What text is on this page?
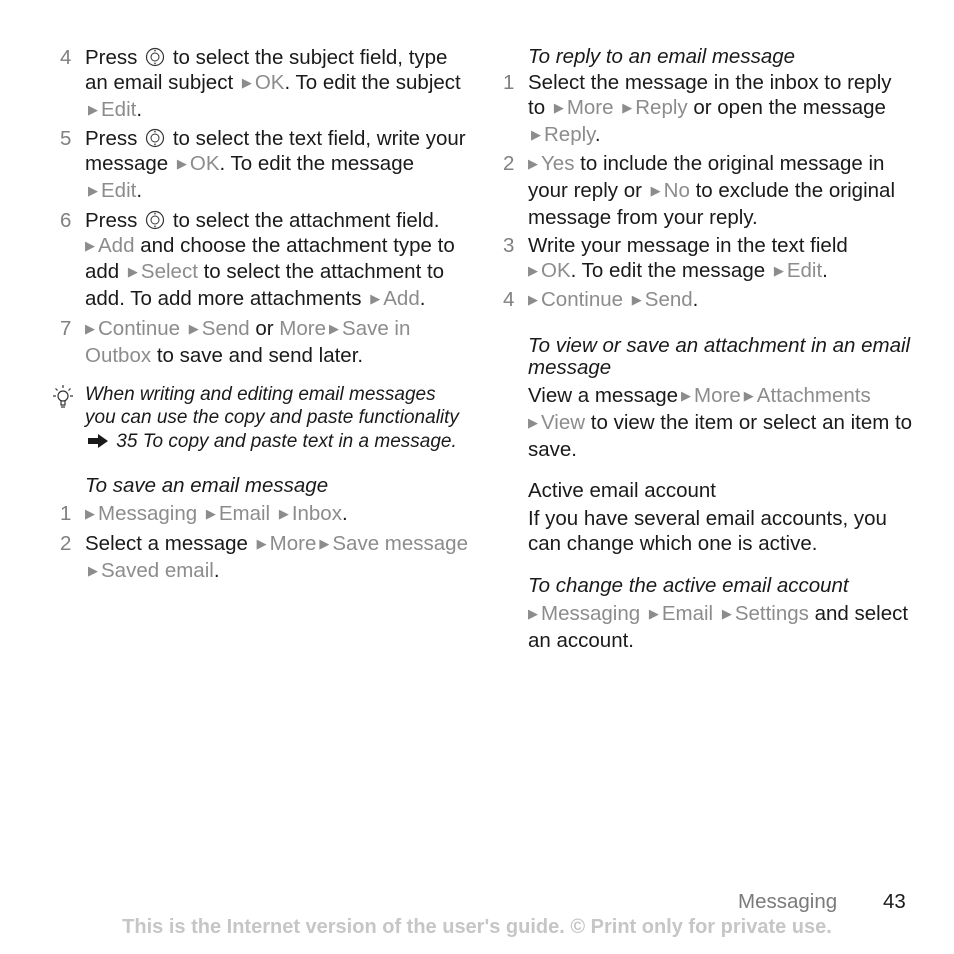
4 Press to select the subject field, type an email subject ▶ OK. To edit the subject ▶ Edit.
5 Press to select the text field, write your message ▶ OK. To edit the message ▶ Edit.
6 Press to select the attachment field.
▶ Add and choose the attachment type to add ▶ Select to select the attachment to add. To add more attachments ▶ Add.
7 ▶ Continue ▶ Send or More ▶ Save in Outbox to save and send later.
When writing and editing email messages you can use the copy and paste functionality  35 To copy and paste text in a message.

To save an email message

1 ▶ Messaging ▶ Email ▶ Inbox.
2 Select a message ▶ More ▶ Save message ▶ Saved email.

To reply to an email message

1 Select the message in the inbox to reply to ▶ More ▶ Reply or open the message ▶ Reply.
2 ▶ Yes to include the original message in your reply or ▶ No to exclude the original message from your reply.
3 Write your message in the text field
▶ OK. To edit the message ▶ Edit.
4 ▶ Continue ▶ Send.

To view or save an attachment in an email message

View a message ▶ More ▶ Attachments
▶ View to view the item or select an item to save.
Active email account
If you have several email accounts, you can change which one is active.

To change the active email account

▶ Messaging ▶ Email ▶ Settings and select an account.
Messaging 43
This is the Internet version of the user's guide. © Print only for private use.
